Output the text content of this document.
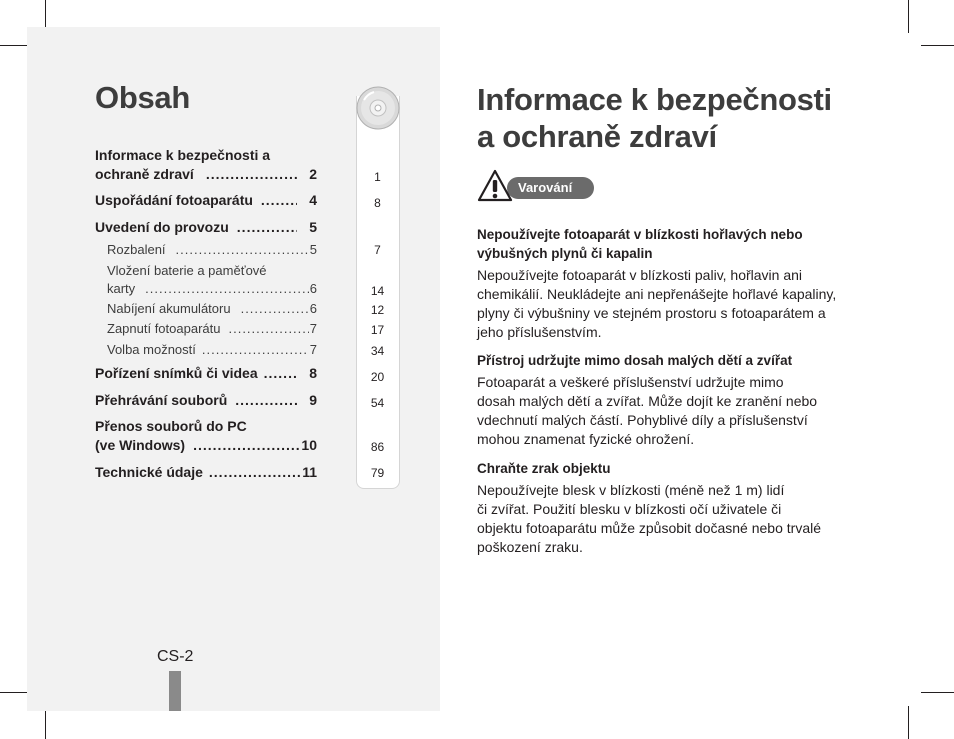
Obsah
Informace k bezpečnosti a
ochraně zdraví .....	2
Uspořádání fotoaparátu .....	4
Uvedení do provozu .....	5
Rozbalení .....	5
Vložení baterie a paměťové
karty .....	6
Nabíjení akumulátoru .....	6
Zapnutí fotoaparátu .....	7
Volba možností .....	7
Pořízení snímků či videa .....	8
Přehrávání souborů .....	9
Přenos souborů do PC
(ve Windows) .....	10
Technické údaje .....	11
1
8
7
14
12
17
34
20
54
86
79
CS-2
Informace k bezpečnosti
a ochraně zdraví
Varování
Nepoužívejte fotoaparát v blízkosti hořlavých nebo
výbušných plynů či kapalin

Nepoužívejte fotoaparát v blízkosti paliv, hořlavin ani
chemikálií. Neukládejte ani nepřenášejte hořlavé kapaliny,
plyny či výbušniny ve stejném prostoru s fotoaparátem a
jeho příslušenstvím.

Přístroj udržujte mimo dosah malých dětí a zvířat

Fotoaparát a veškeré příslušenství udržujte mimo
dosah malých dětí a zvířat. Může dojít ke zranění nebo
vdechnutí malých částí. Pohyblivé díly a příslušenství
mohou znamenat fyzické ohrožení.

Chraňte zrak objektu

Nepoužívejte blesk v blízkosti (méně než 1 m) lidí
či zvířat. Použití blesku v blízkosti očí uživatele či
objektu fotoaparátu může způsobit dočasné nebo trvalé
poškození zraku.
